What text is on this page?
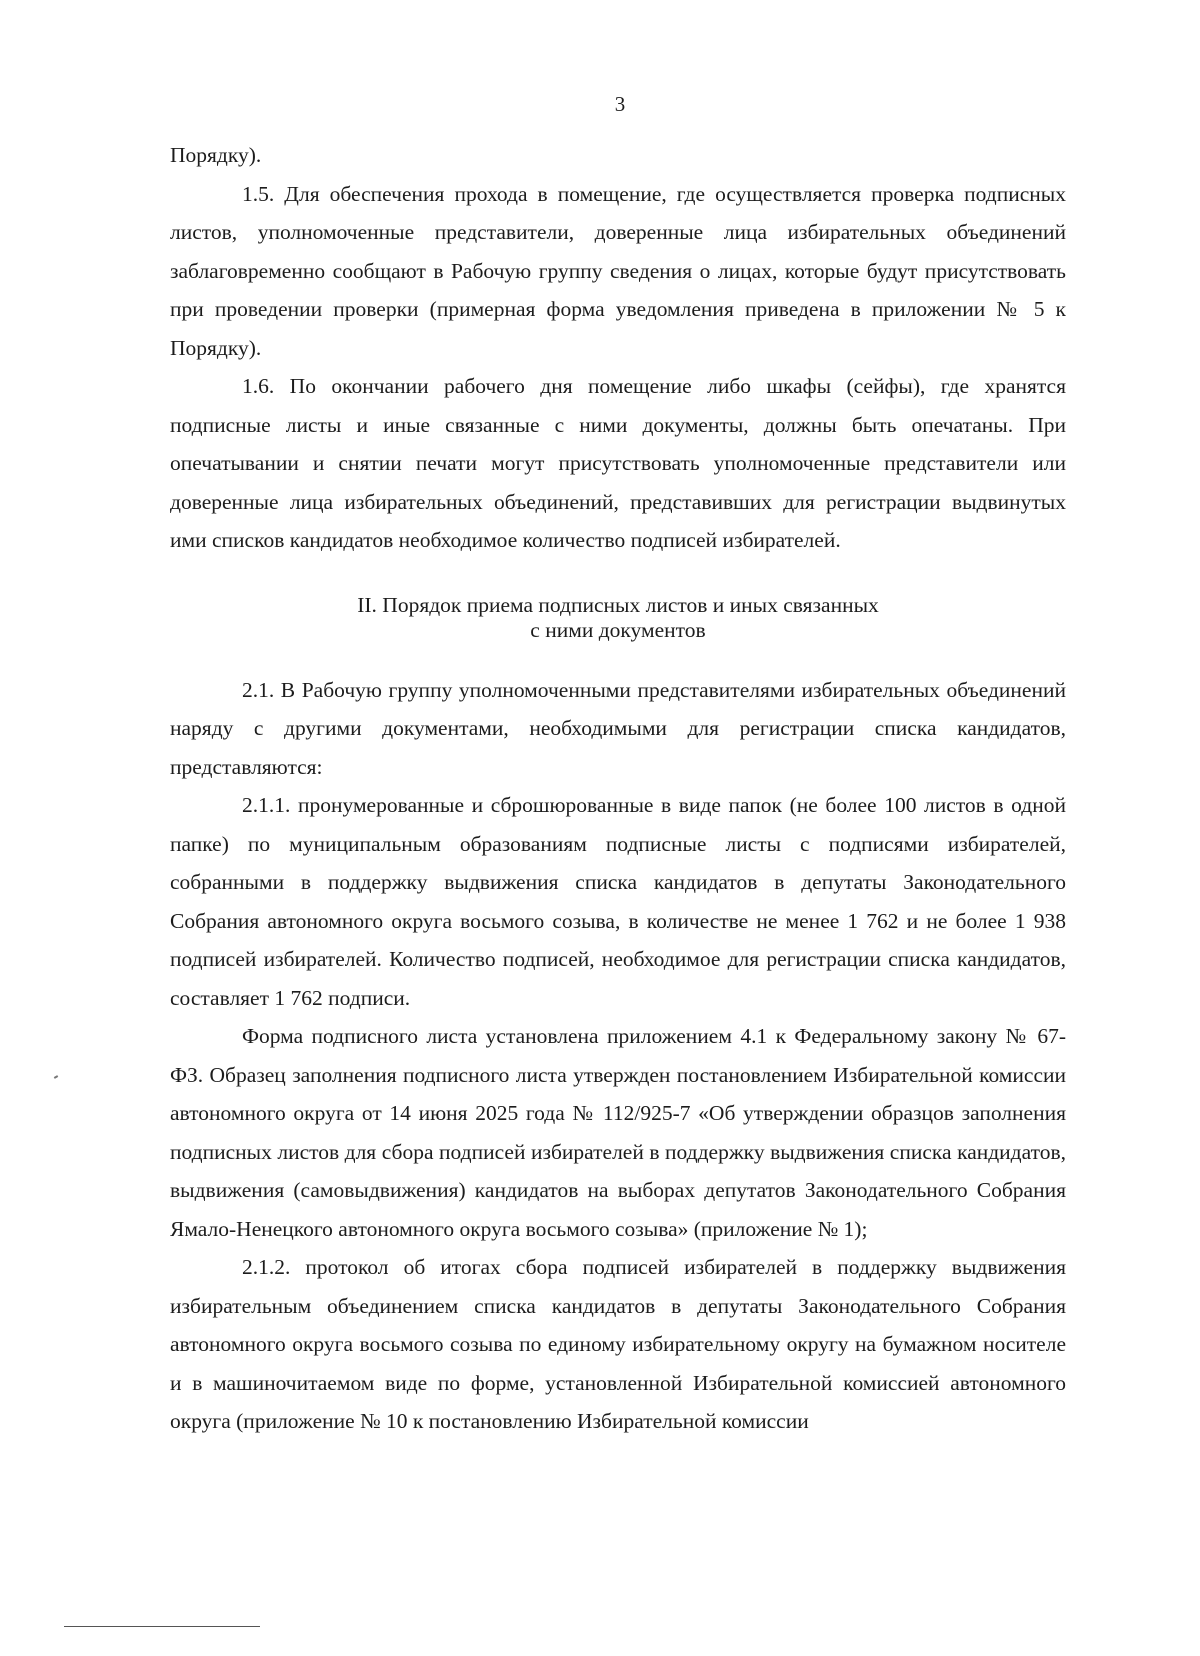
3

Порядку).

1.5. Для обеспечения прохода в помещение, где осуществляется проверка подписных листов, уполномоченные представители, доверенные лица избирательных объединений заблаговременно сообщают в Рабочую группу сведения о лицах, которые будут присутствовать при проведении проверки (примерная форма уведомления приведена в приложении № 5 к Порядку).

1.6. По окончании рабочего дня помещение либо шкафы (сейфы), где хранятся подписные листы и иные связанные с ними документы, должны быть опечатаны. При опечатывании и снятии печати могут присутствовать уполномоченные представители или доверенные лица избирательных объединений, представивших для регистрации выдвинутых ими списков кандидатов необходимое количество подписей избирателей.

II. Порядок приема подписных листов и иных связанных
с ними документов

2.1. В Рабочую группу уполномоченными представителями избирательных объединений наряду с другими документами, необходимыми для регистрации списка кандидатов, представляются:

2.1.1. пронумерованные и сброшюрованные в виде папок (не более 100 листов в одной папке) по муниципальным образованиям подписные листы с подписями избирателей, собранными в поддержку выдвижения списка кандидатов в депутаты Законодательного Собрания автономного округа восьмого созыва, в количестве не менее 1 762 и не более 1 938 подписей избирателей. Количество подписей, необходимое для регистрации списка кандидатов, составляет 1 762 подписи.

Форма подписного листа установлена приложением 4.1 к Федеральному закону № 67-ФЗ. Образец заполнения подписного листа утвержден постановлением Избирательной комиссии автономного округа от 14 июня 2025 года № 112/925-7 «Об утверждении образцов заполнения подписных листов для сбора подписей избирателей в поддержку выдвижения списка кандидатов, выдвижения (самовыдвижения) кандидатов на выборах депутатов Законодательного Собрания Ямало-Ненецкого автономного округа восьмого созыва» (приложение № 1);

2.1.2. протокол об итогах сбора подписей избирателей в поддержку выдвижения избирательным объединением списка кандидатов в депутаты Законодательного Собрания автономного округа восьмого созыва по единому избирательному округу на бумажном носителе и в машиночитаемом виде по форме, установленной Избирательной комиссией автономного округа (приложение № 10 к постановлению Избирательной комиссии
